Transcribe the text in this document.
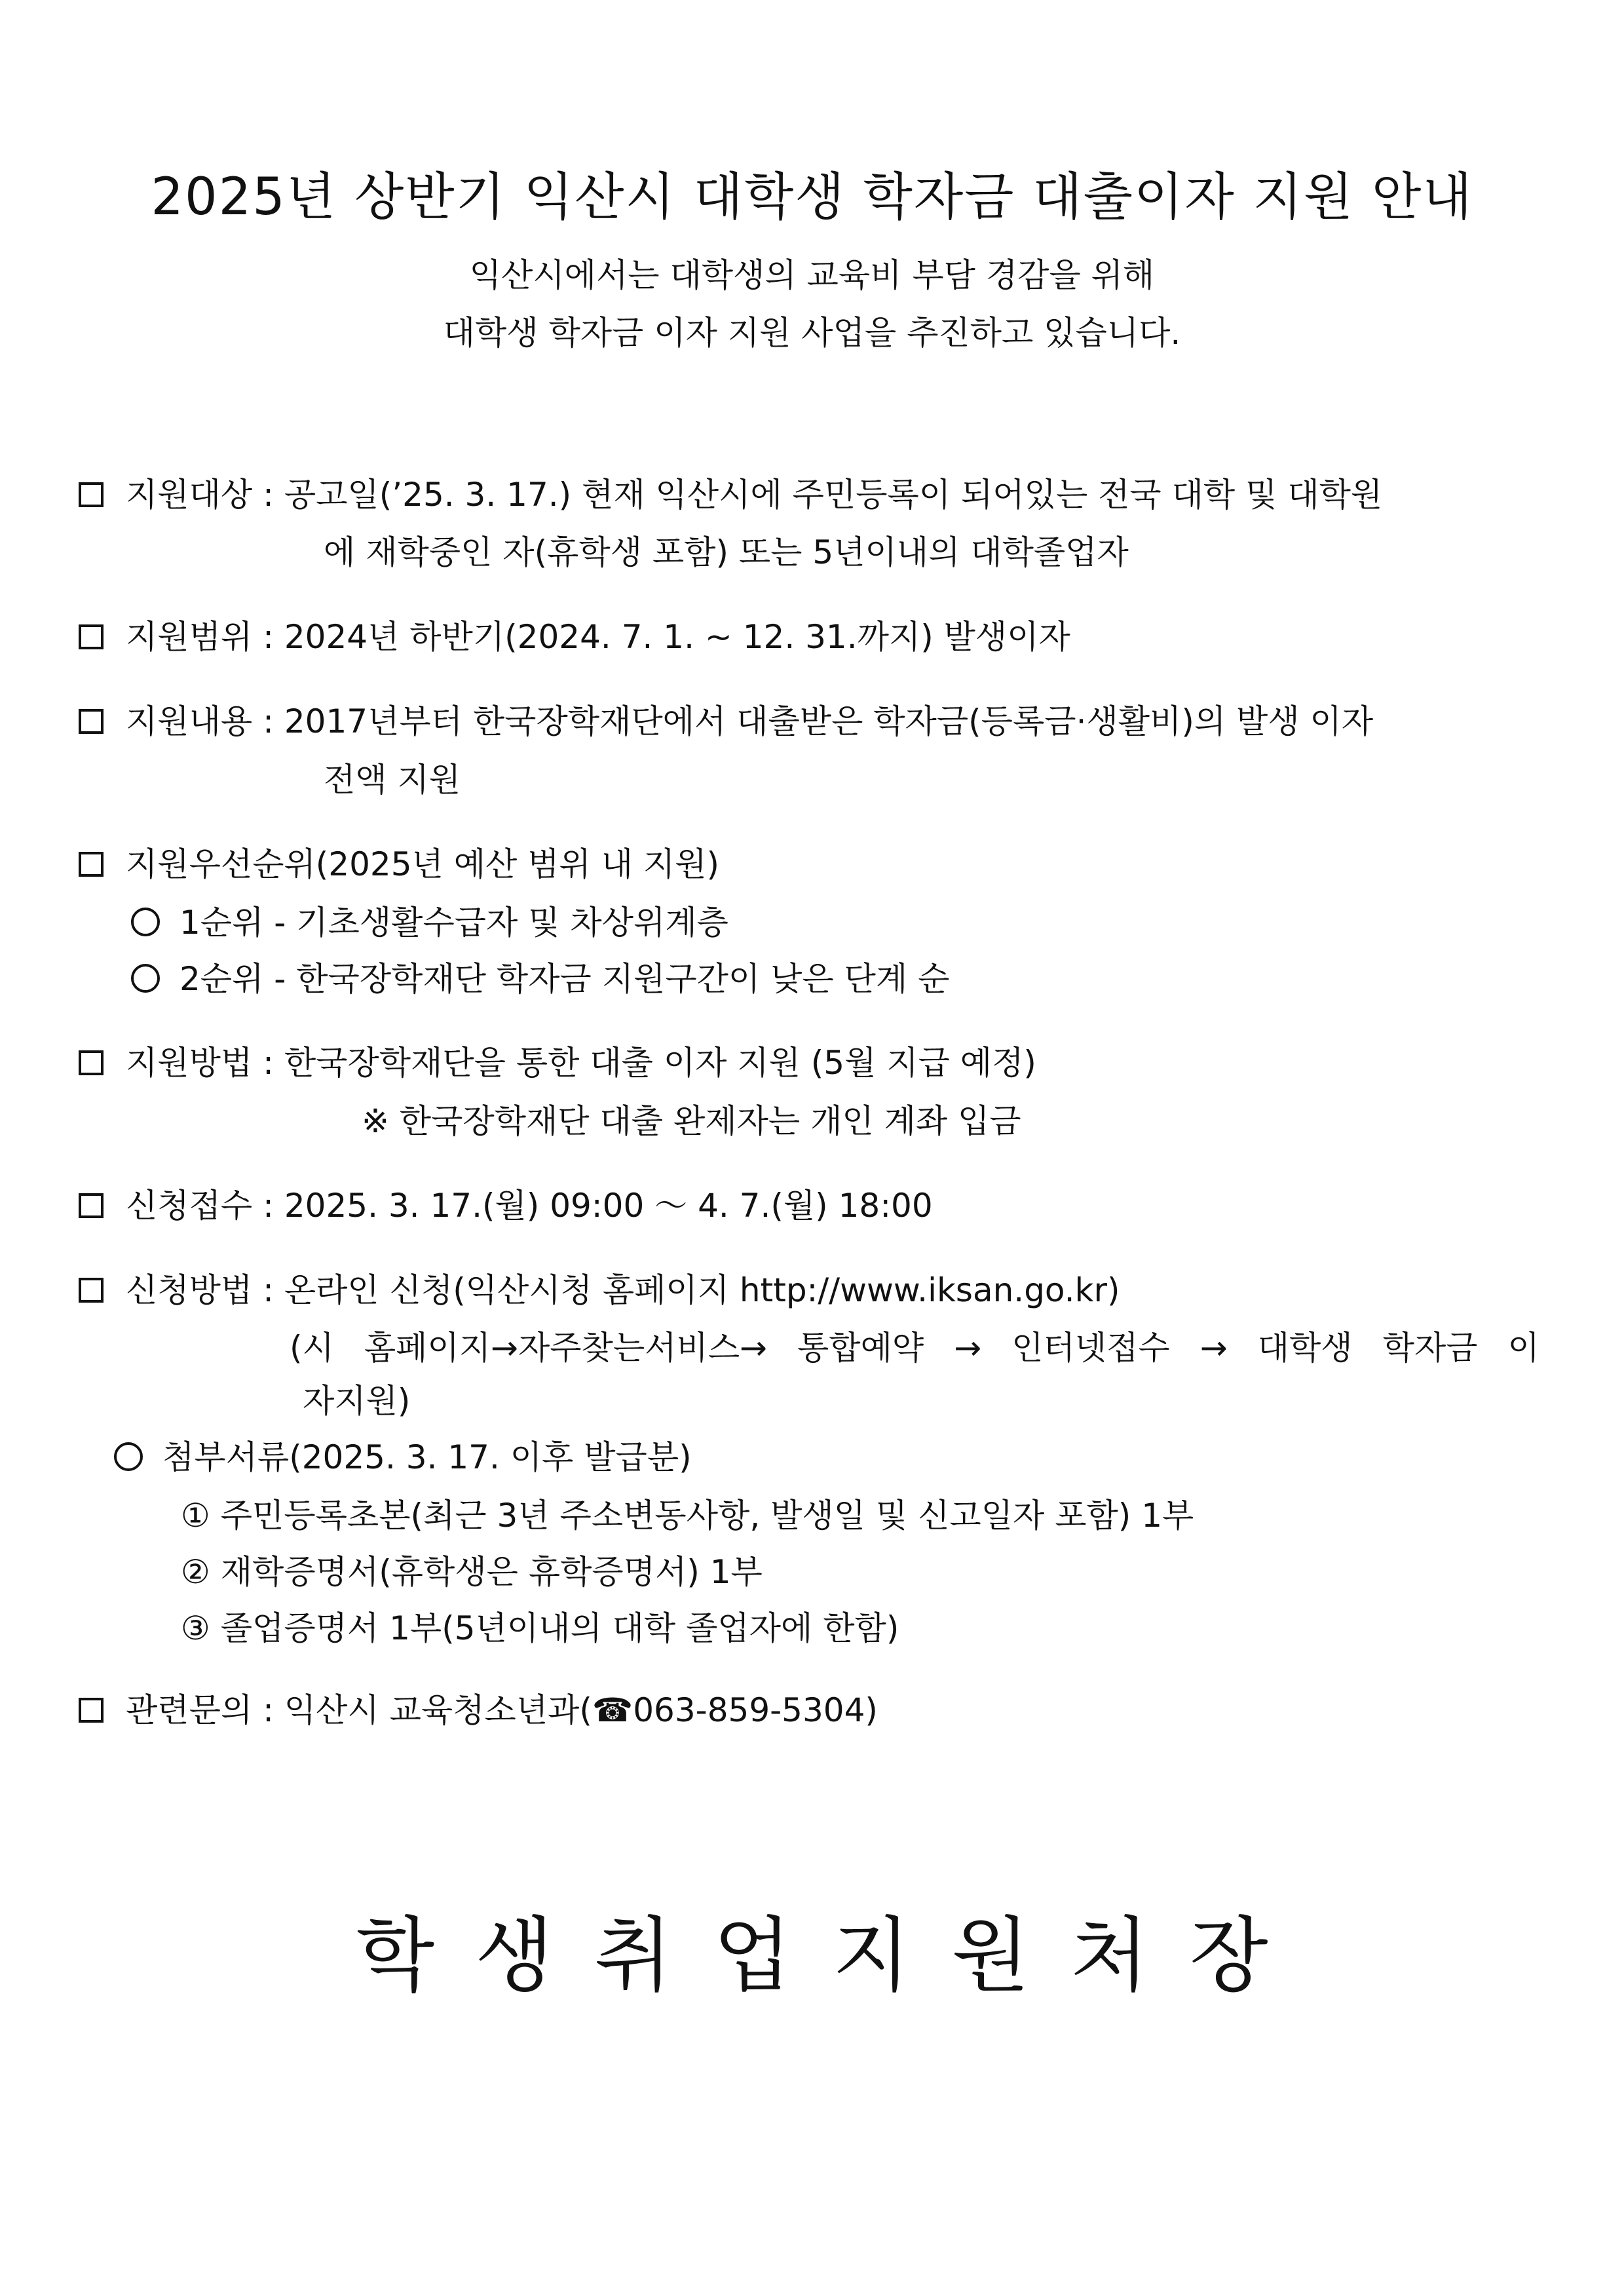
2025년 상반기 익산시 대학생 학자금 대출이자 지원 안내
익산시에서는 대학생의 교육비 부담 경감을 위해
대학생 학자금 이자 지원 사업을 추진하고 있습니다.
지원대상 : 공고일(’25. 3. 17.) 현재 익산시에 주민등록이 되어있는 전국 대학 및 대학원
에 재학중인 자(휴학생 포함) 또는 5년이내의 대학졸업자
지원범위 : 2024년 하반기(2024. 7. 1. ~ 12. 31.까지) 발생이자
지원내용 : 2017년부터 한국장학재단에서 대출받은 학자금(등록금·생활비)의 발생 이자
전액 지원
지원우선순위(2025년 예산 범위 내 지원)
1순위 - 기초생활수급자 및 차상위계층
2순위 - 한국장학재단 학자금 지원구간이 낮은 단계 순
지원방법 : 한국장학재단을 통한 대출 이자 지원 (5월 지급 예정)
※ 한국장학재단 대출 완제자는 개인 계좌 입금
신청접수 : 2025. 3. 17.(월) 09:00 ～ 4. 7.(월) 18:00
신청방법 : 온라인 신청(익산시청 홈페이지 http://www.iksan.go.kr)
(시 홈페이지→자주찾는서비스→ 통합예약 → 인터넷접수 → 대학생 학자금 이
자지원)
첨부서류(2025. 3. 17. 이후 발급분)
① 주민등록초본(최근 3년 주소변동사항, 발생일 및 신고일자 포함) 1부
② 재학증명서(휴학생은 휴학증명서) 1부
③ 졸업증명서 1부(5년이내의 대학 졸업자에 한함)
관련문의 : 익산시 교육청소년과(☎063-859-5304)
학생취업지원처장
